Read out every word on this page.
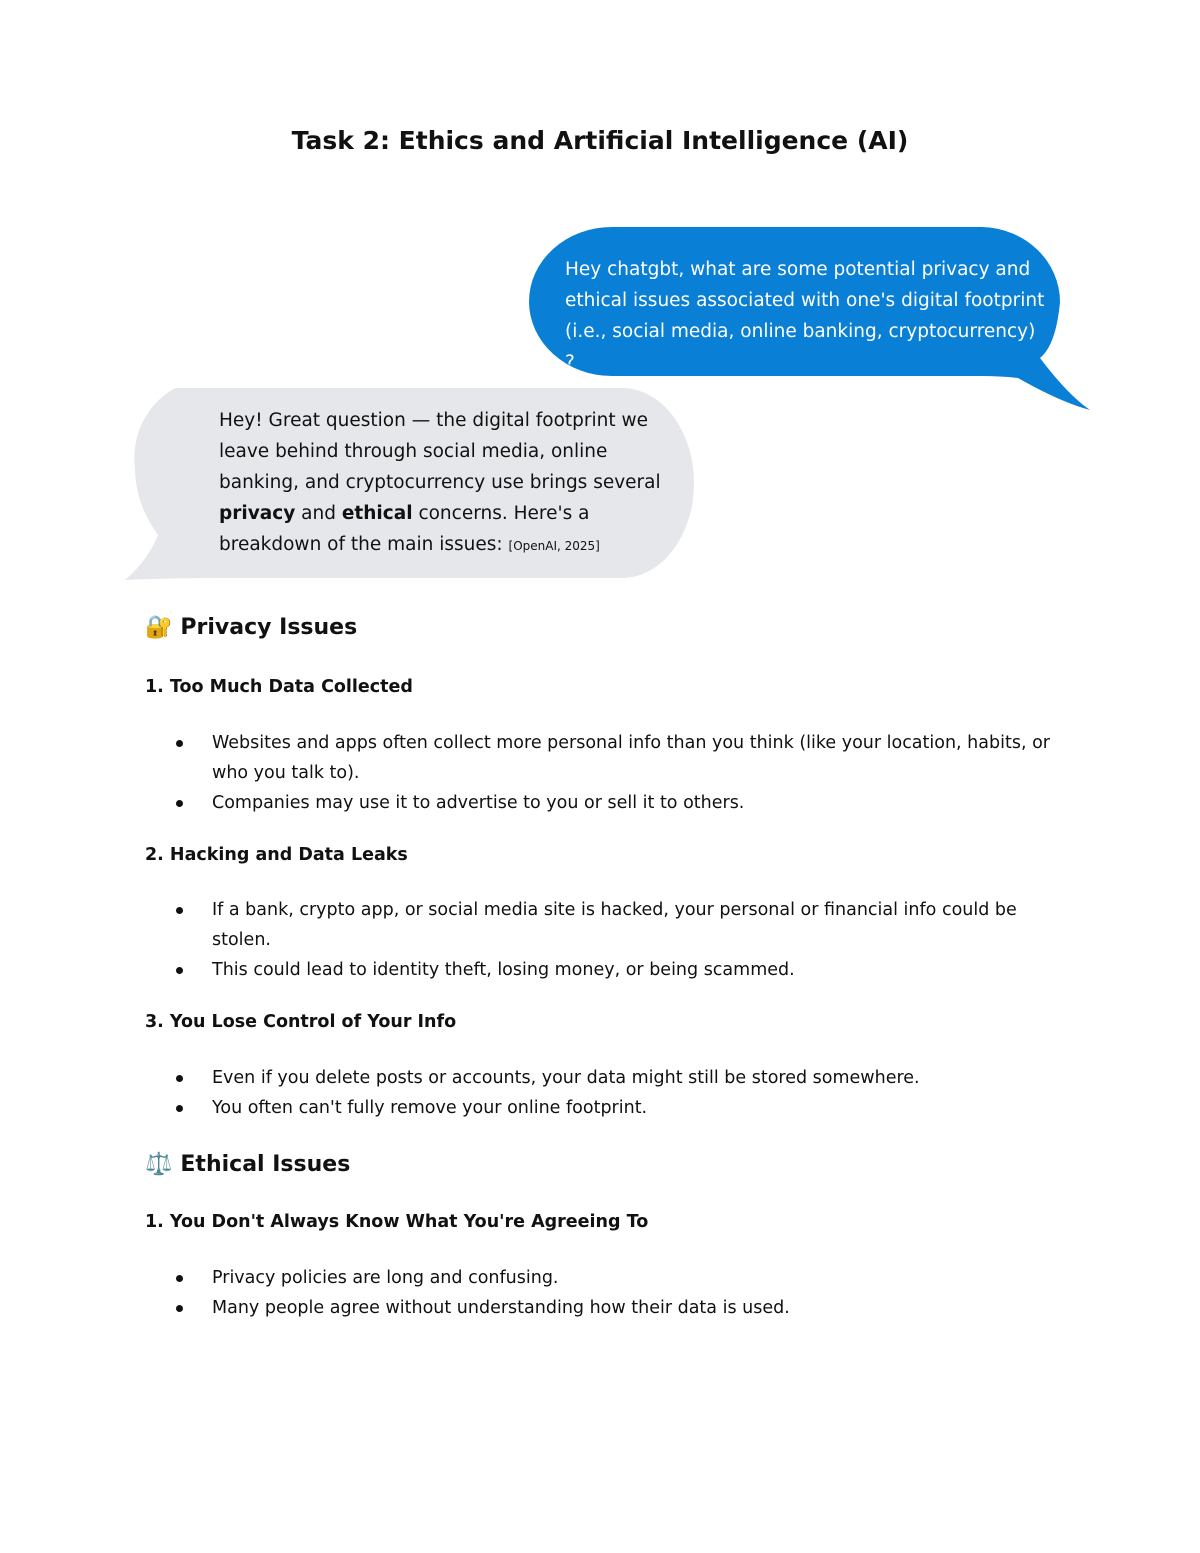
Task 2: Ethics and Artificial Intelligence (AI)

Hey chatgbt, what are some potential privacy and ethical issues associated with one's digital footprint (i.e., social media, online banking, cryptocurrency) ?

Hey! Great question — the digital footprint we leave behind through social media, online banking, and cryptocurrency use brings several privacy and ethical concerns. Here's a breakdown of the main issues: [OpenAI, 2025]

🔐 Privacy Issues
1. Too Much Data Collected
Websites and apps often collect more personal info than you think (like your location, habits, or who you talk to).
Companies may use it to advertise to you or sell it to others.
2. Hacking and Data Leaks
If a bank, crypto app, or social media site is hacked, your personal or financial info could be stolen.
This could lead to identity theft, losing money, or being scammed.
3. You Lose Control of Your Info
Even if you delete posts or accounts, your data might still be stored somewhere.
You often can't fully remove your online footprint.
⚖️ Ethical Issues
1. You Don't Always Know What You're Agreeing To
Privacy policies are long and confusing.
Many people agree without understanding how their data is used.
